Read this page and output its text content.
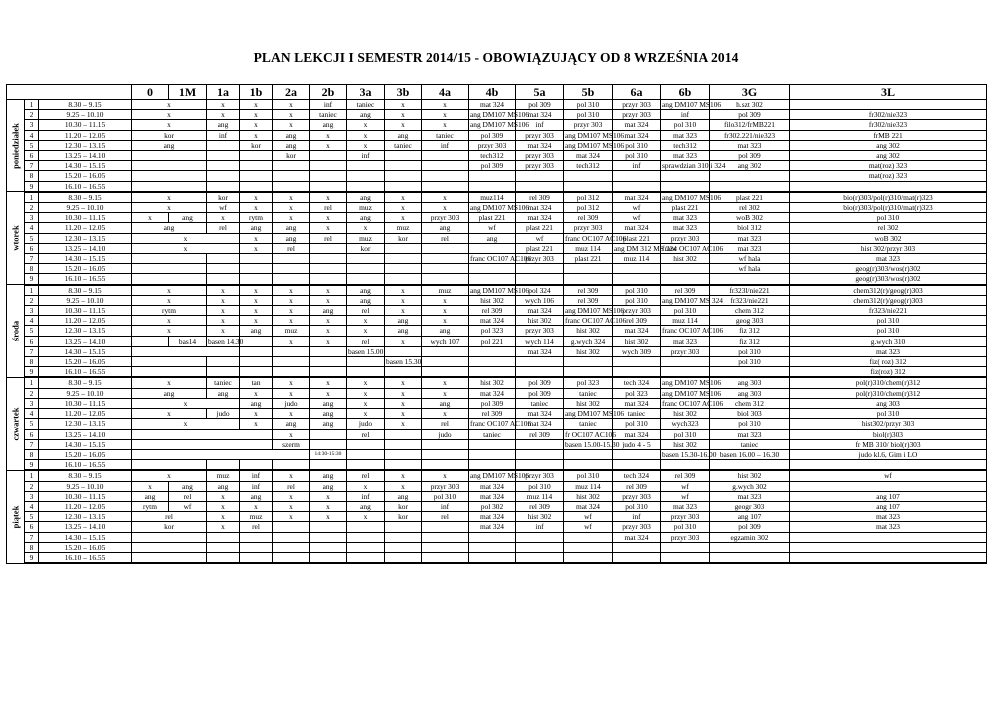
PLAN LEKCJI I SEMESTR 2014/15 - OBOWIĄZUJĄCY OD 8 WRZEŚNIA 2014
			0	1M	1a	1b	2a	2b	3a	3b	4a	4b	5a	5b	6a	6b	3G	3L

poniedziałek	1	8.30 – 9.15	x		x	x	x	inf	taniec	x	x	mat 324	pol 309	pol 310	przyr 303	ang DM107 MS106	h.szt 302	
	2	9.25 – 10.10	x		x	x	x	taniec	ang	x	x	ang DM107 MS106	mat 324	pol 310	przyr 303	inf	pol 309	fr302/nie323
	3	10.30 – 11.15	x		ang	x	x	ang	x	x	x	ang DM107 MS106	inf	przyr 303	mat 324	pol 310	filo312/frMB221	fr302/nie323
	4	11.20 – 12.05	kor		inf	x	ang	x	x	ang	taniec	pol 309	przyr 303	ang DM107 MS106	mat 324	mat 323	fr302.221/nie323	frMB 221
	5	12.30 – 13.15	ang			kor	ang	x	x	taniec	inf	przyr 303	mat 324	ang DM107 MS106	pol 310	tech312	mat 323	ang 302
	6	13.25 – 14.10					kor		inf			tech312	przyr 303	mat 324	pol 310	mat 323	pol 309	ang 302
	7	14.30 – 15.15										pol 309	przyr 303	tech312	inf	sprawdzian 310 i 324	ang 302	mat(roz) 323
	8	15.20 – 16.05																mat(roz) 323
	9	16.10 – 16.55																

wtorek	1	8.30 – 9.15	x		kor	x	x	x	ang	x	x	muz114	rel 309	pol 312	mat 324	ang DM107 MS106	plast 221	bio(r)303/pol(r)310/mat(r)323
	2	9.25 – 10.10	x		wf	x	x	rel	muz	x	x	ang DM107 MS106	mat 324	pol 312	wf	plast 221	rel 302	bio(r)303/pol(r)310/mat(r)323
	3	10.30 – 11.15	x	ang	x	rytm	x	x	ang	x	przyr 303	plast 221	mat 324	rel 309	wf	mat 323	woB 302	pol 310
	4	11.20 – 12.05	ang		rel	ang	ang	x	x	muz	ang	wf	plast 221	przyr 303	mat 324	mat 323	biol 312	rel 302
	5	12.30 – 13.15	x			x	ang	rel	muz	kor	rel	ang	wf	franc OC107 AC106	plast 221	przyr 303	mat 323	woB 302
	6	13.25 – 14.10	x			x	rel		kor				plast 221	muz 114	ang DM 312 MS 324	franc OC107 AC106	mat 323	hist 302/przyr 303
	7	14.30 – 15.15										franc OC107 AC106	przyr 303	plast 221	muz 114	hist 302	wf hala	mat 323
	8	15.20 – 16.05															wf hala	geog(r)303/wos(r)302
	9	16.10 – 16.55																geog(r)303/wos(r)302

środa	1	8.30 – 9.15	x		x	x	x	x	ang	x	muz	ang DM107 MS106	pol 324	rel 309	pol 310	rel 309	fr323l/nie221	chem312(r)/geog(r)303
	2	9.25 – 10.10	x		x	x	x	x	ang	x	x	hist 302	wych 106	rel 309	pol 310	ang DM107 MS 324	fr323/nie221	chem312(r)/geog(r)303
	3	10.30 – 11.15	rytm		x	x	x	ang	rel	x	x	rel 309	mat 324	ang DM107 MS106	przyr 303	pol 310	chem 312	fr323/nie221
	4	11.20 – 12.05	x		x	x	x	x	x	ang	x	mat 324	hist 302	franc OC107 AC106	rel 309	muz 114	geog 303	pol 310
	5	12.30 – 13.15	x		x	ang	muz	x	x	ang	ang	pol 323	przyr 303	hist 302	mat 324	franc OC107 AC106	fiz 312	pol 310
	6	13.25 – 14.10		bas14	basen 14.30		x	x	rel	x	wych 107	pol 221	wych 114	g.wych 324	hist 302	mat 323	fiz 312	g.wych 310
	7	14.30 – 15.15							basen 15.00				mat 324	hist 302	wych 309	przyr 303	pol 310	mat 323
	8	15.20 – 16.05								basen 15.30							pol 310	fiz( roz) 312
	9	16.10 – 16.55																fiz(roz) 312

czwartek	1	8.30 – 9.15	x		taniec	tan	x	x	x	x	x	hist 302	pol 309	pol 323	tech 324	ang DM107 MS106	ang 303	pol(r)310/chem(r)312
	2	9.25 – 10.10	ang		ang	x	x	x	x	x	x	mat 324	pol 309	taniec	pol 323	ang DM107 MS106	ang 303	pol(r)310/chem(r)312
	3	10.30 – 11.15	x			ang	judo	ang	x	x	ang	pol 309	taniec	hist 302	mat 324	franc OC107 AC106	chem 312	ang 303
	4	11.20 – 12.05	x		judo	x	x	ang	x	x	x	rel 309	mat 324	ang DM107 MS106	taniec	hist 302	biol 303	pol 310
	5	12.30 – 13.15	x			x	ang	ang	judo	x	rel	franc OC107 AC106	mat 324	taniec	pol 310	wych323	pol 310	hist302/przyr 303
	6	13.25 – 14.10					x		rel		judo	taniec	rel 309	fr OC107 AC106	mat 324	pol 310	mat 323	biol(r)303
	7	14.30 – 15.15					szerm							basen 15.00-15.30	judo 4 - 5	hist 302	taniec	fr MB 310/ biol(r)303
	8	15.20 – 16.05						14:30-15:30								basen 15.30-16.00	basen 16.00 – 16.30	judo kl.6, Gim i LO
	9	16.10 – 16.55																

piątek	1	8.30 – 9.15	x		muz	inf	x	ang	rel	x	x	ang DM107 MS106	przyr 303	pol 310	tech 324	rel 309	hist 302	wf
	2	9.25 – 10.10	x	ang	ang	inf	rel	ang	x	x	przyr 303	mat 324	pol 310	muz 114	rel 309	wf	g.wych 302	
	3	10.30 – 11.15	ang	rel	x	ang	x	x	inf	ang	pol 310	mat 324	muz 114	hist 302	przyr 303	wf	mat 323	ang 107
	4	11.20 – 12.05	rytm	wf	x	x	x	x	ang	kor	inf	pol 302	rel 309	mat 324	pol 310	mat 323	geogr 303	ang 107
	5	12.30 – 13.15	rel		x	muz	x	x	x	kor	rel	mat 324	hist 302	wf	inf	przyr 303	ang 107	mat 323
	6	13.25 – 14.10	kor		x	rel						mat 324	inf	wf	przyr 303	pol 310	pol 309	mat 323
	7	14.30 – 15.15													mat 324	przyr 303	egzamin 302	
	8	15.20 – 16.05																
	9	16.10 – 16.55																
